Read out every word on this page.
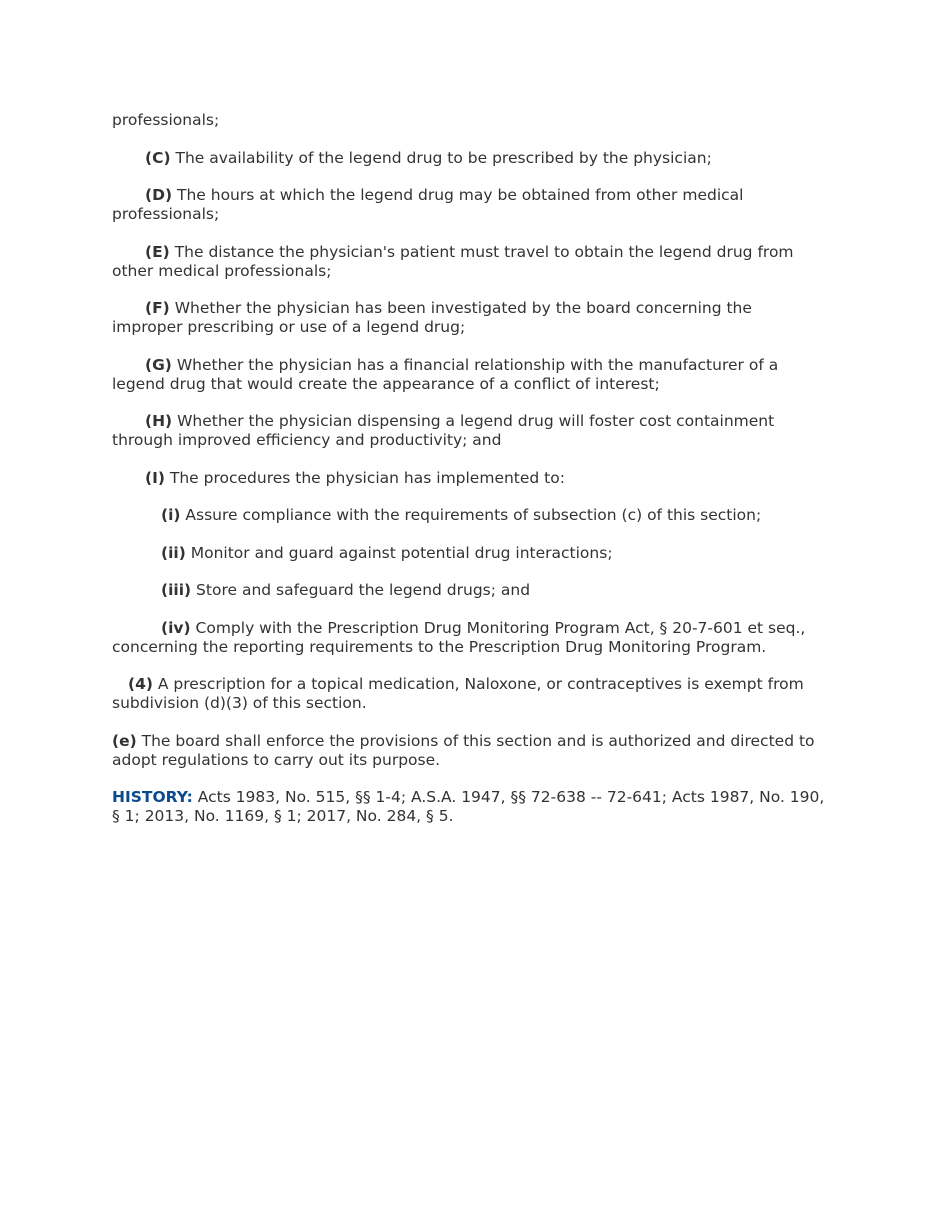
professionals;

(C) The availability of the legend drug to be prescribed by the physician;

(D) The hours at which the legend drug may be obtained from other medical professionals;

(E) The distance the physician's patient must travel to obtain the legend drug from other medical professionals;

(F) Whether the physician has been investigated by the board concerning the improper prescribing or use of a legend drug;

(G) Whether the physician has a financial relationship with the manufacturer of a legend drug that would create the appearance of a conflict of interest;

(H) Whether the physician dispensing a legend drug will foster cost containment through improved efficiency and productivity; and

(I) The procedures the physician has implemented to:

(i) Assure compliance with the requirements of subsection (c) of this section;

(ii) Monitor and guard against potential drug interactions;

(iii) Store and safeguard the legend drugs; and

(iv) Comply with the Prescription Drug Monitoring Program Act, § 20-7-601 et seq., concerning the reporting requirements to the Prescription Drug Monitoring Program.

(4) A prescription for a topical medication, Naloxone, or contraceptives is exempt from subdivision (d)(3) of this section.

(e) The board shall enforce the provisions of this section and is authorized and directed to adopt regulations to carry out its purpose.

HISTORY: Acts 1983, No. 515, §§ 1-4; A.S.A. 1947, §§ 72-638 -- 72-641; Acts 1987, No. 190, § 1; 2013, No. 1169, § 1; 2017, No. 284, § 5.
